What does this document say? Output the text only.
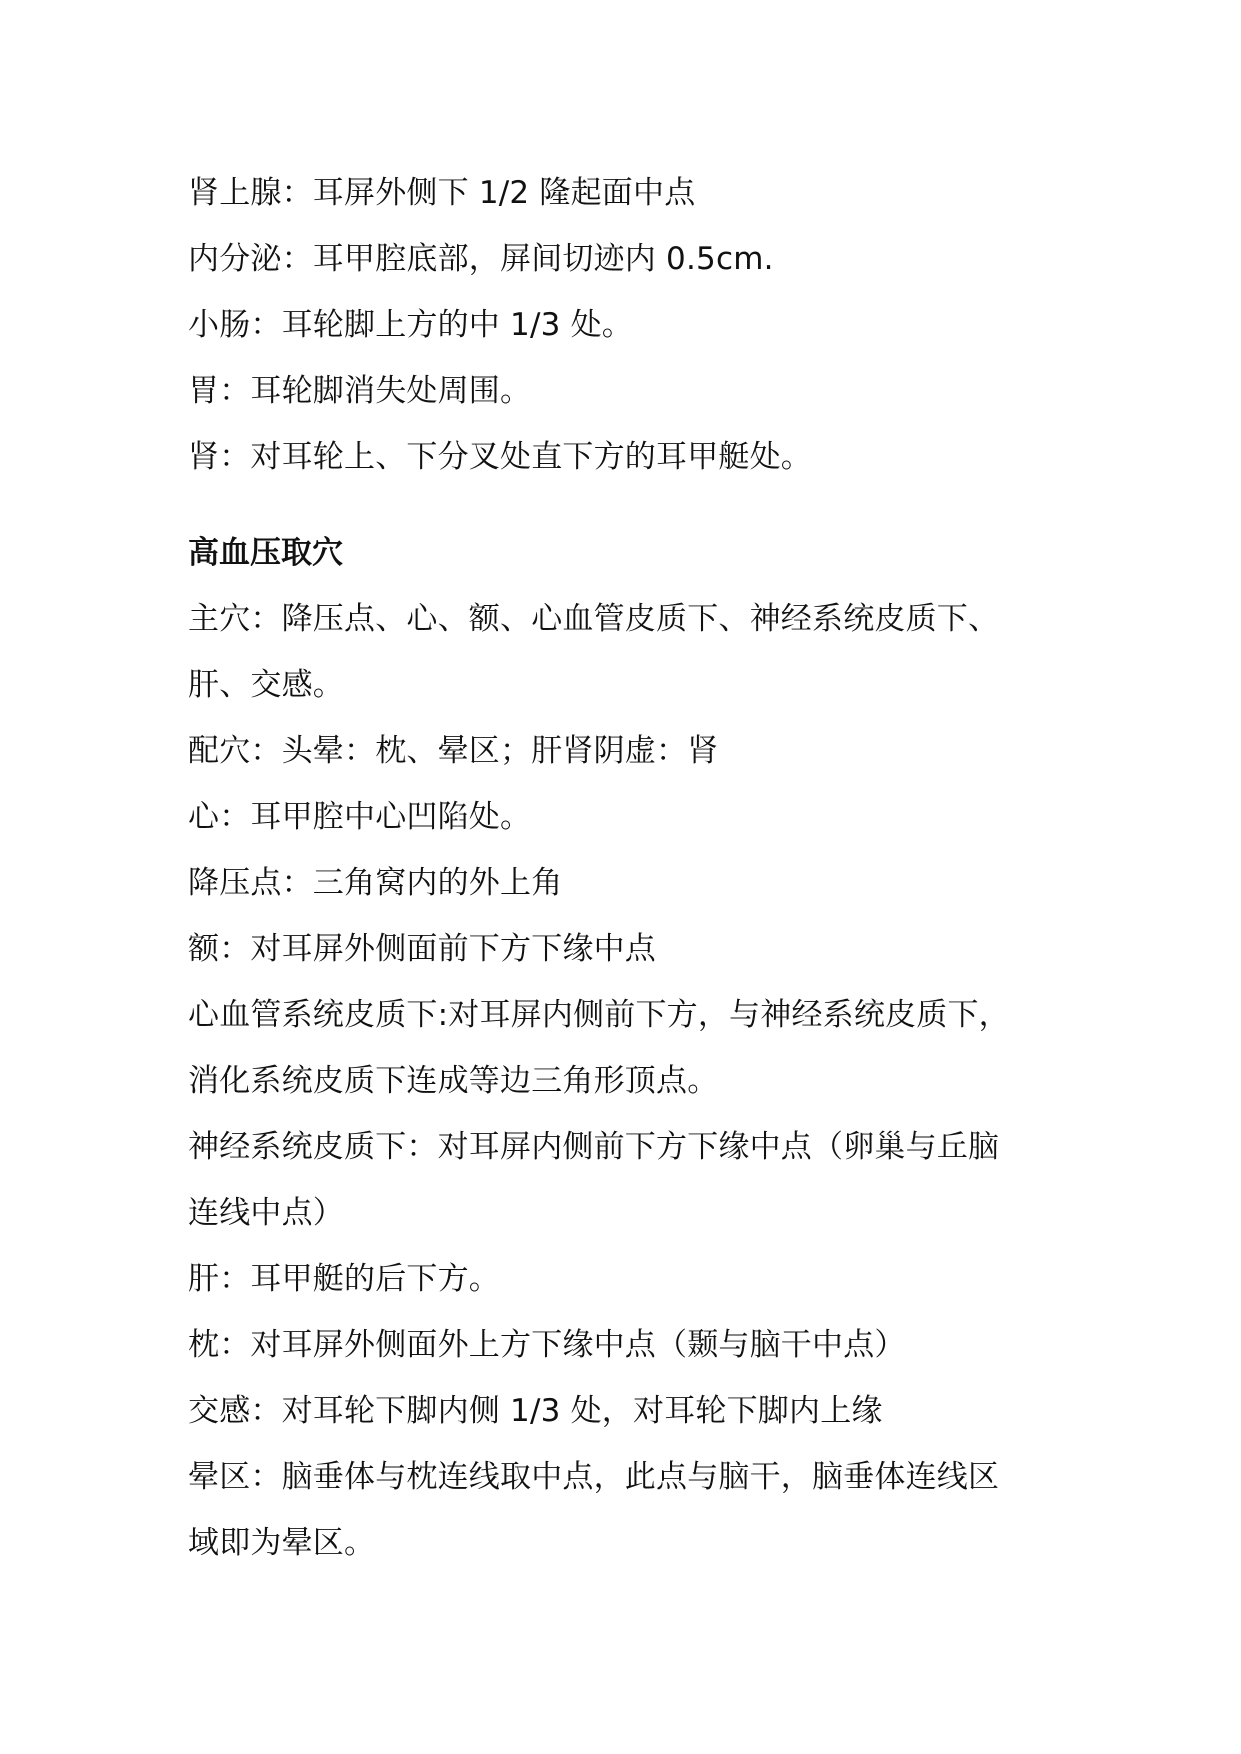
肾上腺：耳屏外侧下 1/2 隆起面中点
内分泌：耳甲腔底部，屏间切迹内 0.5cm.
小肠：耳轮脚上方的中 1/3 处。
胃：耳轮脚消失处周围。
肾：对耳轮上、下分叉处直下方的耳甲艇处。
高血压取穴
主穴：降压点、心、额、心血管皮质下、神经系统皮质下、
肝、交感。
配穴：头晕：枕、晕区；肝肾阴虚：肾
心：耳甲腔中心凹陷处。
降压点：三角窝内的外上角
额：对耳屏外侧面前下方下缘中点
心血管系统皮质下:对耳屏内侧前下方，与神经系统皮质下，
消化系统皮质下连成等边三角形顶点。
神经系统皮质下：对耳屏内侧前下方下缘中点（卵巢与丘脑
连线中点）
肝：耳甲艇的后下方。
枕：对耳屏外侧面外上方下缘中点（颞与脑干中点）
交感：对耳轮下脚内侧 1/3 处，对耳轮下脚内上缘
晕区：脑垂体与枕连线取中点，此点与脑干，脑垂体连线区
域即为晕区。
